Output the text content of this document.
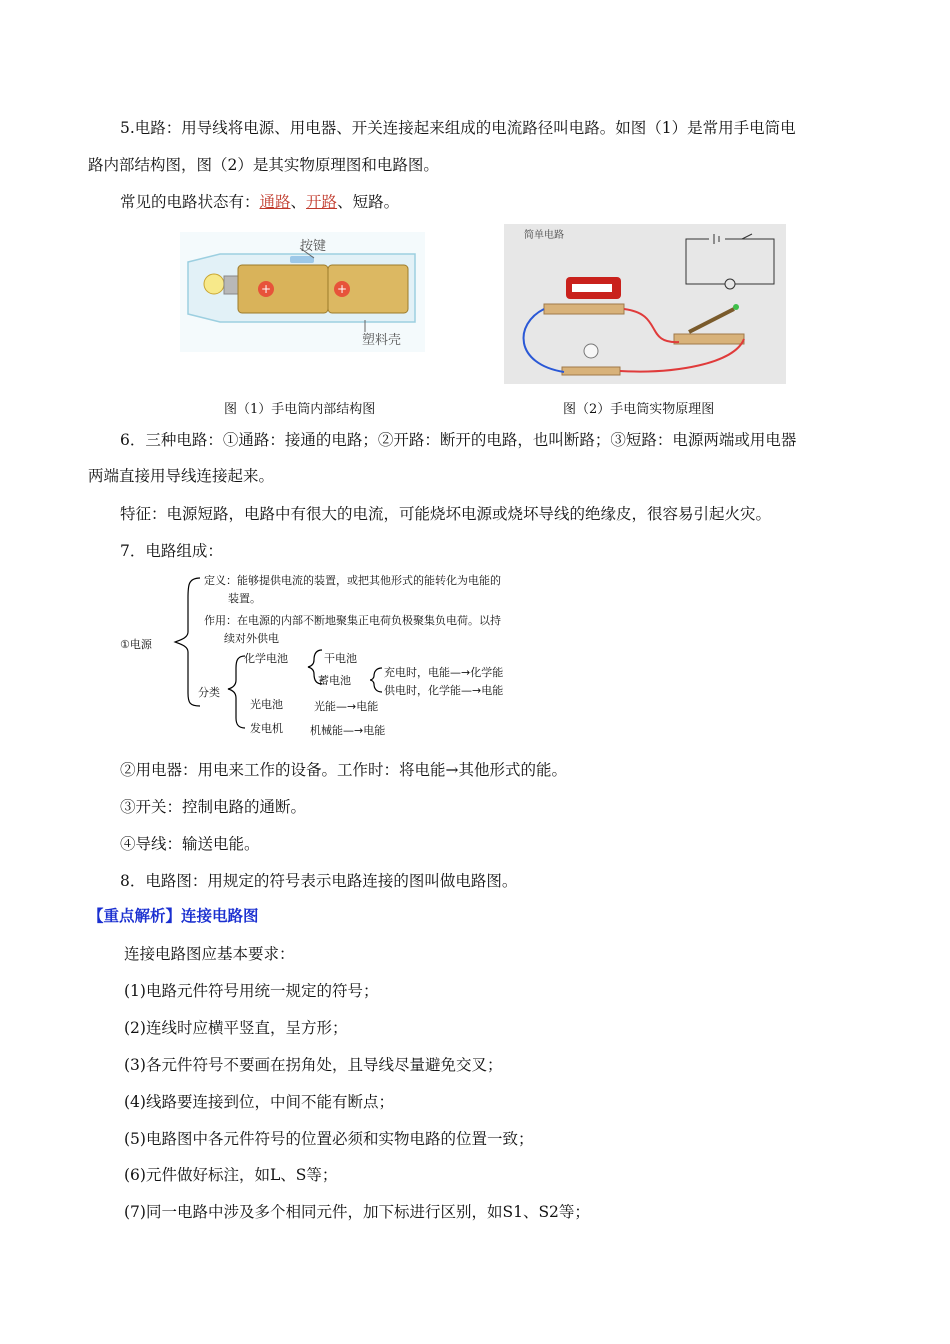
5.电路：用导线将电源、用电器、开关连接起来组成的电流路径叫电路。如图（1）是常用手电筒电
路内部结构图，图（2）是其实物原理图和电路图。
常见的电路状态有：通路、开路、短路。
+	+
按键
塑料壳
简单电路
图（1）手电筒内部结构图	图（2）手电筒实物原理图
6．三种电路：①通路：接通的电路；②开路：断开的电路，也叫断路；③短路：电源两端或用电器
两端直接用导线连接起来。
特征：电源短路，电路中有很大的电流，可能烧坏电源或烧坏导线的绝缘皮，很容易引起火灾。
7．电路组成：
①电源
定义：能够提供电流的装置，或把其他形式的能转化为电能的
装置。
作用：在电源的内部不断地聚集正电荷负极聚集负电荷。以持
续对外供电
分类
化学电池	干电池
蓄电池
充电时，电能—→化学能
供电时，化学能—→电能
光电池	光能—→电能
发电机 机械能—→电能
②用电器：用电来工作的设备。工作时：将电能→其他形式的能。
③开关：控制电路的通断。
④导线：输送电能。
8．电路图：用规定的符号表示电路连接的图叫做电路图。
【重点解析】连接电路图
连接电路图应基本要求：
(1)电路元件符号用统一规定的符号；
(2)连线时应横平竖直，呈方形；
(3)各元件符号不要画在拐角处，且导线尽量避免交叉；
(4)线路要连接到位，中间不能有断点；
(5)电路图中各元件符号的位置必须和实物电路的位置一致；
(6)元件做好标注，如L、S等；
(7)同一电路中涉及多个相同元件，加下标进行区别，如S1、S2等；
